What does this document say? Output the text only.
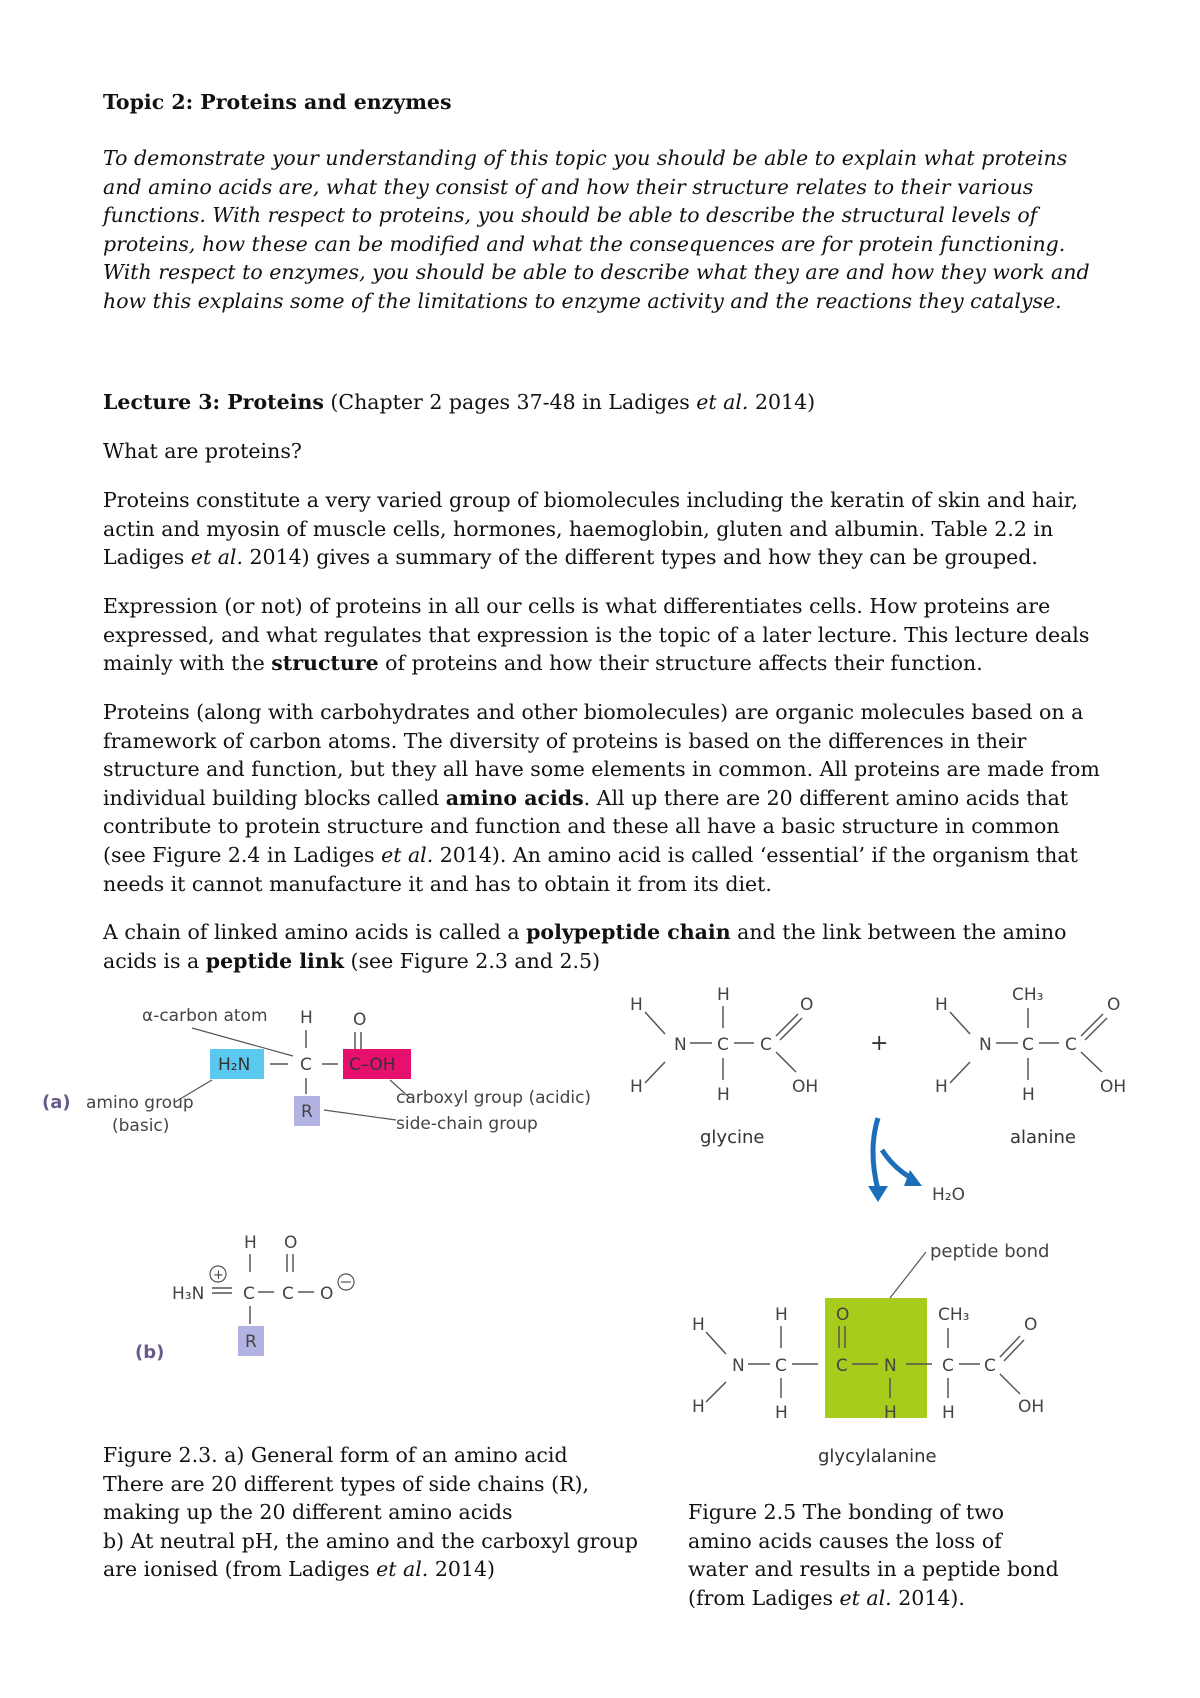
Topic 2: Proteins and enzymes
To demonstrate your understanding of this topic you should be able to explain what proteins and amino acids are, what they consist of and how their structure relates to their various functions. With respect to proteins, you should be able to describe the structural levels of proteins, how these can be modified and what the consequences are for protein functioning. With respect to enzymes, you should be able to describe what they are and how they work and how this explains some of the limitations to enzyme activity and the reactions they catalyse.
Lecture 3: Proteins (Chapter 2 pages 37-48 in Ladiges et al. 2014)
What are proteins?
Proteins constitute a very varied group of biomolecules including the keratin of skin and hair, actin and myosin of muscle cells, hormones, haemoglobin, gluten and albumin. Table 2.2 in Ladiges et al. 2014) gives a summary of the different types and how they can be grouped.
Expression (or not) of proteins in all our cells is what differentiates cells. How proteins are expressed, and what regulates that expression is the topic of a later lecture. This lecture deals mainly with the structure of proteins and how their structure affects their function.
Proteins (along with carbohydrates and other biomolecules) are organic molecules based on a framework of carbon atoms. The diversity of proteins is based on the differences in their structure and function, but they all have some elements in common. All proteins are made from individual building blocks called amino acids. All up there are 20 different amino acids that contribute to protein structure and function and these all have a basic structure in common (see Figure 2.4 in Ladiges et al. 2014). An amino acid is called ‘essential’ if the organism that needs it cannot manufacture it and has to obtain it from its diet.
A chain of linked amino acids is called a polypeptide chain and the link between the amino acids is a peptide link (see Figure 2.3 and 2.5)
α-carbon atom H O
H₂N	C C–OH
R
(a) amino group
(basic)
carboxyl group (acidic)
side-chain group
H O
+
H₃N C C O
R
(b)
Figure 2.3. a) General form of an amino acid
There are 20 different types of side chains (R),
making up the 20 different amino acids
b) At neutral pH, the amino and the carboxyl group
are ionised (from Ladiges et al. 2014)
H
N
H
H
C
H
C
O
OH
glycine
+
H
N
H
CH₃
C
H
C
O
OH
alanine
H₂O
peptide bond
H
N
H
H
C
H
O
C N
H
CH₃
C
H
C
O
OH
glycylalanine
Figure 2.5 The bonding of two
amino acids causes the loss of
water and results in a peptide bond
(from Ladiges et al. 2014).
